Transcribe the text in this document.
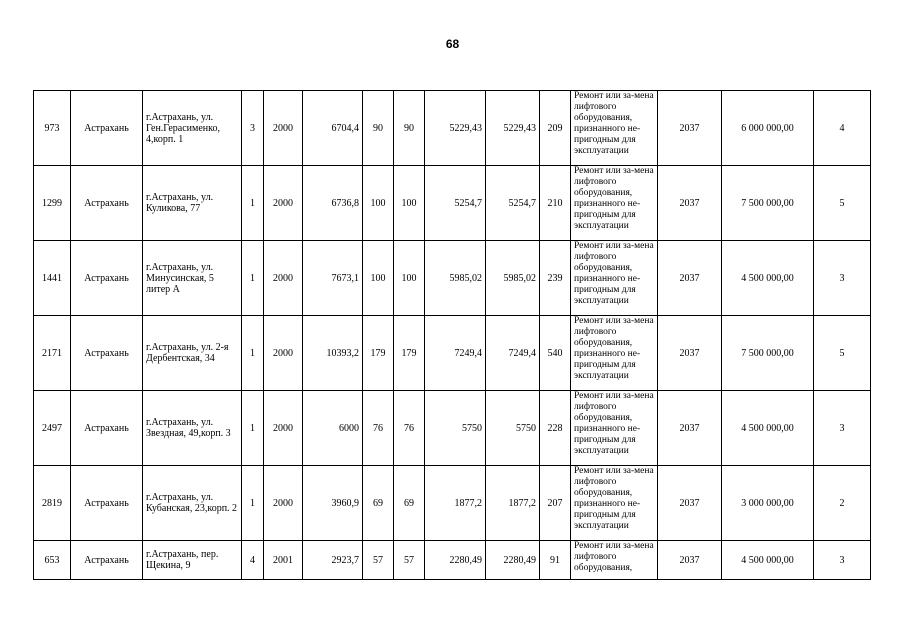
68
973	Астрахань	г.Астрахань, ул. Ген.Герасименко, 4,корп. 1	3	2000	6704,4	90	90	5229,43	5229,43	209	Ремонт или за-мена лифтового оборудования, признанного не-пригодным для эксплуатации	2037	6 000 000,00	4
1299	Астрахань	г.Астрахань, ул. Куликова, 77	1	2000	6736,8	100	100	5254,7	5254,7	210	Ремонт или за-мена лифтового оборудования, признанного не-пригодным для эксплуатации	2037	7 500 000,00	5
1441	Астрахань	г.Астрахань, ул. Минусинская, 5 литер А	1	2000	7673,1	100	100	5985,02	5985,02	239	Ремонт или за-мена лифтового оборудования, признанного не-пригодным для эксплуатации	2037	4 500 000,00	3
2171	Астрахань	г.Астрахань, ул. 2-я Дербентская, 34	1	2000	10393,2	179	179	7249,4	7249,4	540	Ремонт или за-мена лифтового оборудования, признанного не-пригодным для эксплуатации	2037	7 500 000,00	5
2497	Астрахань	г.Астрахань, ул. Звездная, 49,корп. 3	1	2000	6000	76	76	5750	5750	228	Ремонт или за-мена лифтового оборудования, признанного не-пригодным для эксплуатации	2037	4 500 000,00	3
2819	Астрахань	г.Астрахань, ул. Кубанская, 23,корп. 2	1	2000	3960,9	69	69	1877,2	1877,2	207	Ремонт или за-мена лифтового оборудования, признанного не-пригодным для эксплуатации	2037	3 000 000,00	2
653	Астрахань	г.Астрахань, пер. Щекина, 9	4	2001	2923,7	57	57	2280,49	2280,49	91	Ремонт или за-мена лифтового оборудования,	2037	4 500 000,00	3
